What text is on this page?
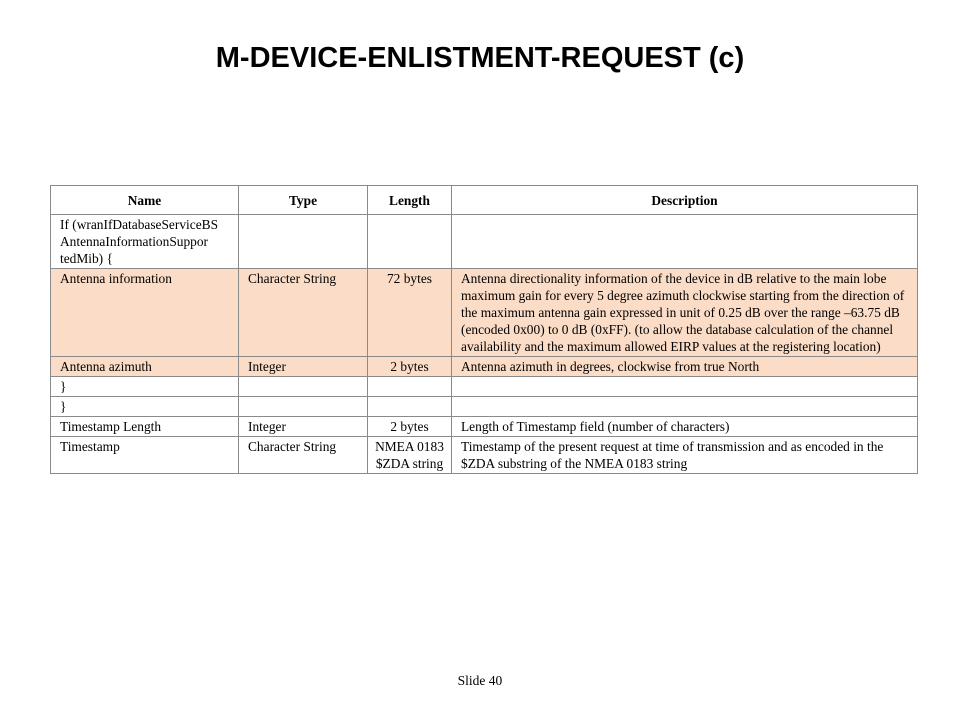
M-DEVICE-ENLISTMENT-REQUEST (c)
Name	Type	Length	Description
If (wranIfDatabaseServiceBS AntennaInformationSuppor tedMib) {			
Antenna information	Character String	72 bytes	Antenna directionality information of the device in dB relative to the main lobe maximum gain for every 5 degree azimuth clockwise starting from the direction of the maximum antenna gain expressed in unit of 0.25 dB over the range –63.75 dB (encoded 0x00) to 0 dB (0xFF). (to allow the database calculation of the channel availability and the maximum allowed EIRP values at the registering location)
Antenna azimuth	Integer	2 bytes	Antenna azimuth in degrees, clockwise from true North
}			
}			
Timestamp Length	Integer	2 bytes	Length of Timestamp field (number of characters)
Timestamp	Character String	NMEA 0183 $ZDA string	Timestamp of the present request at time of transmission and as encoded in the $ZDA substring of the NMEA 0183 string
Slide 40
